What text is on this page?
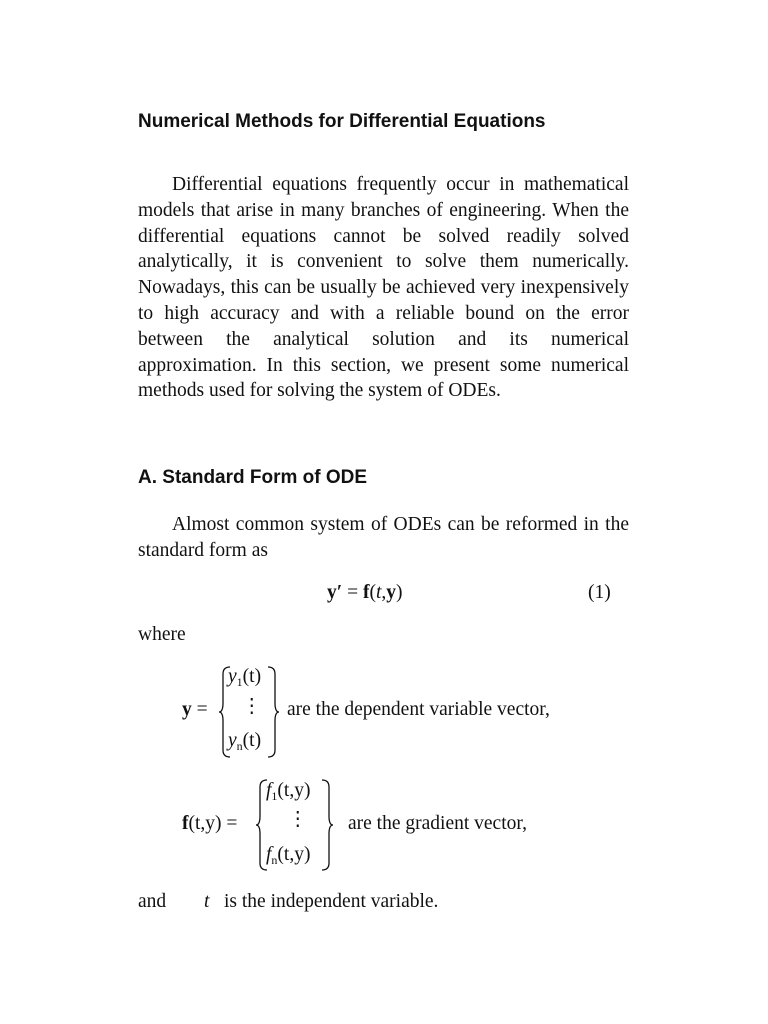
Numerical Methods for Differential Equations

Differential equations frequently occur in mathematical models that arise in many branches of engineering. When the differential equations cannot be solved readily solved analytically, it is convenient to solve them numerically. Nowadays, this can be usually be achieved very inexpensively to high accuracy and with a reliable bound on the error between the analytical solution and its numerical approximation. In this section, we present some numerical methods used for solving the system of ODEs.

A. Standard Form of ODE

Almost common system of ODEs can be reformed in the standard form as

y′ = f(t,y)	(1)
where
y =
$y_1(t)$
⋮
$y_n(t)$
are the dependent variable vector,
f(t,y) =
$f_1(t,y)$
⋮
$f_n(t,y)$
are the gradient vector,
and t is the independent variable.
